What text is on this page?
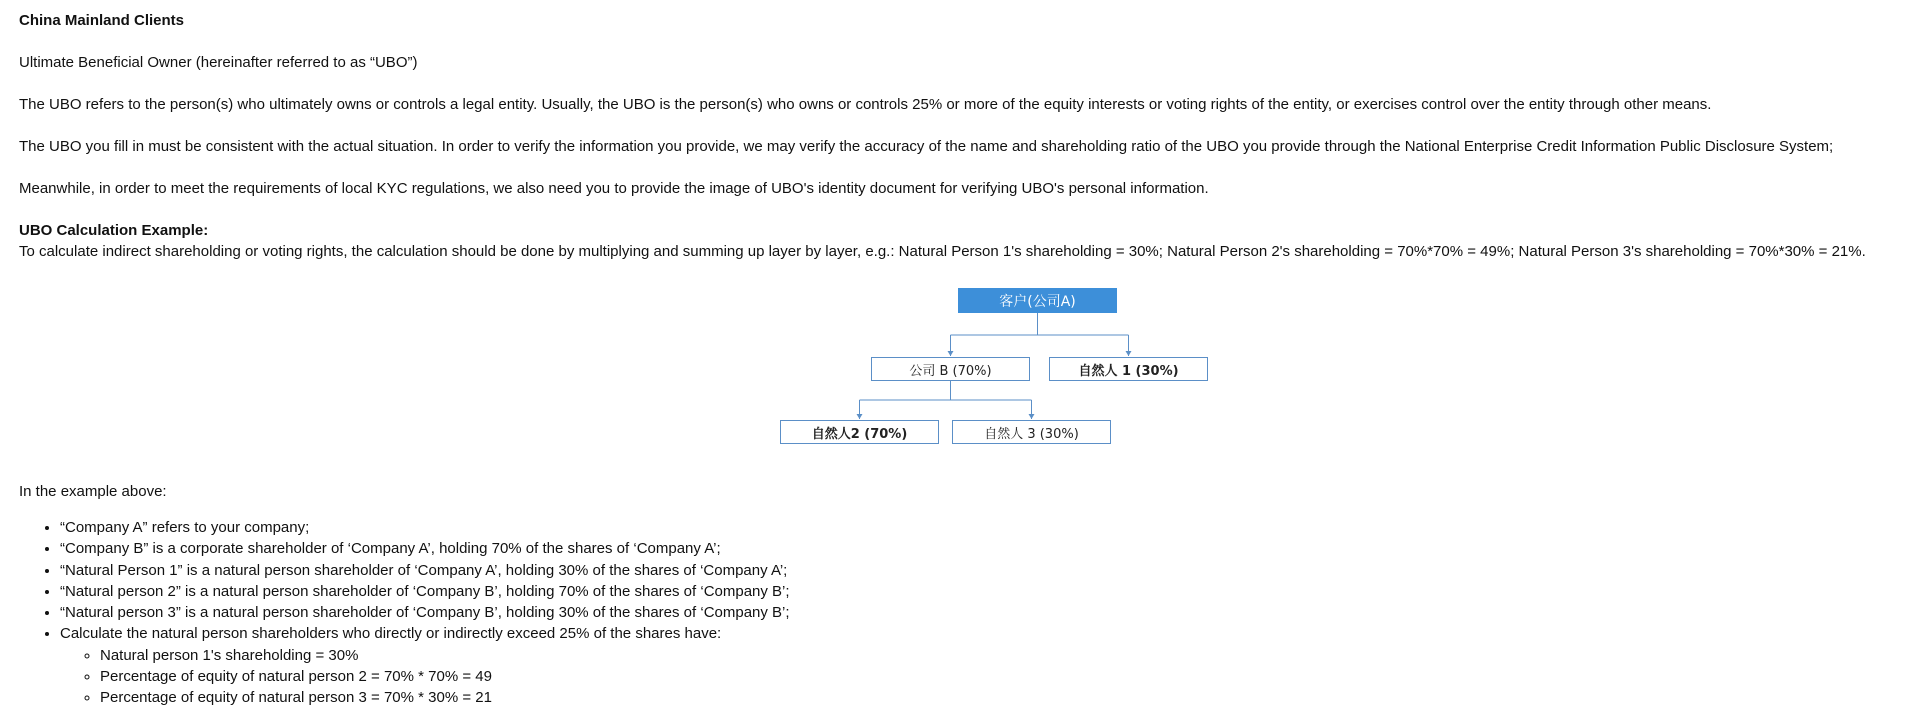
China Mainland Clients

Ultimate Beneficial Owner (hereinafter referred to as “UBO”)

The UBO refers to the person(s) who ultimately owns or controls a legal entity. Usually, the UBO is the person(s) who owns or controls 25% or more of the equity interests or voting rights of the entity, or exercises control over the entity through other means.

The UBO you fill in must be consistent with the actual situation. In order to verify the information you provide, we may verify the accuracy of the name and shareholding ratio of the UBO you provide through the National Enterprise Credit Information Public Disclosure System;

Meanwhile, in order to meet the requirements of local KYC regulations, we also need you to provide the image of UBO's identity document for verifying UBO's personal information.

UBO Calculation Example:

To calculate indirect shareholding or voting rights, the calculation should be done by multiplying and summing up layer by layer, e.g.: Natural Person 1's shareholding = 30%; Natural Person 2's shareholding = 70%*70% = 49%; Natural Person 3's shareholding = 70%*30% = 21%.

客户(公司A)
公司 B (70%)	自然人 1 (30%)
自然人2 (70%)	自然人 3 (30%)

In the example above:

• “Company A” refers to your company;
• “Company B” is a corporate shareholder of ‘Company A’, holding 70% of the shares of ‘Company A’;
• “Natural Person 1” is a natural person shareholder of ‘Company A’, holding 30% of the shares of ‘Company A’;
• “Natural person 2” is a natural person shareholder of ‘Company B’, holding 70% of the shares of ‘Company B’;
• “Natural person 3” is a natural person shareholder of ‘Company B’, holding 30% of the shares of ‘Company B’;
• Calculate the natural person shareholders who directly or indirectly exceed 25% of the shares have:
◦ Natural person 1's shareholding = 30%
◦ Percentage of equity of natural person 2 = 70% * 70% = 49
◦ Percentage of equity of natural person 3 = 70% * 30% = 21
